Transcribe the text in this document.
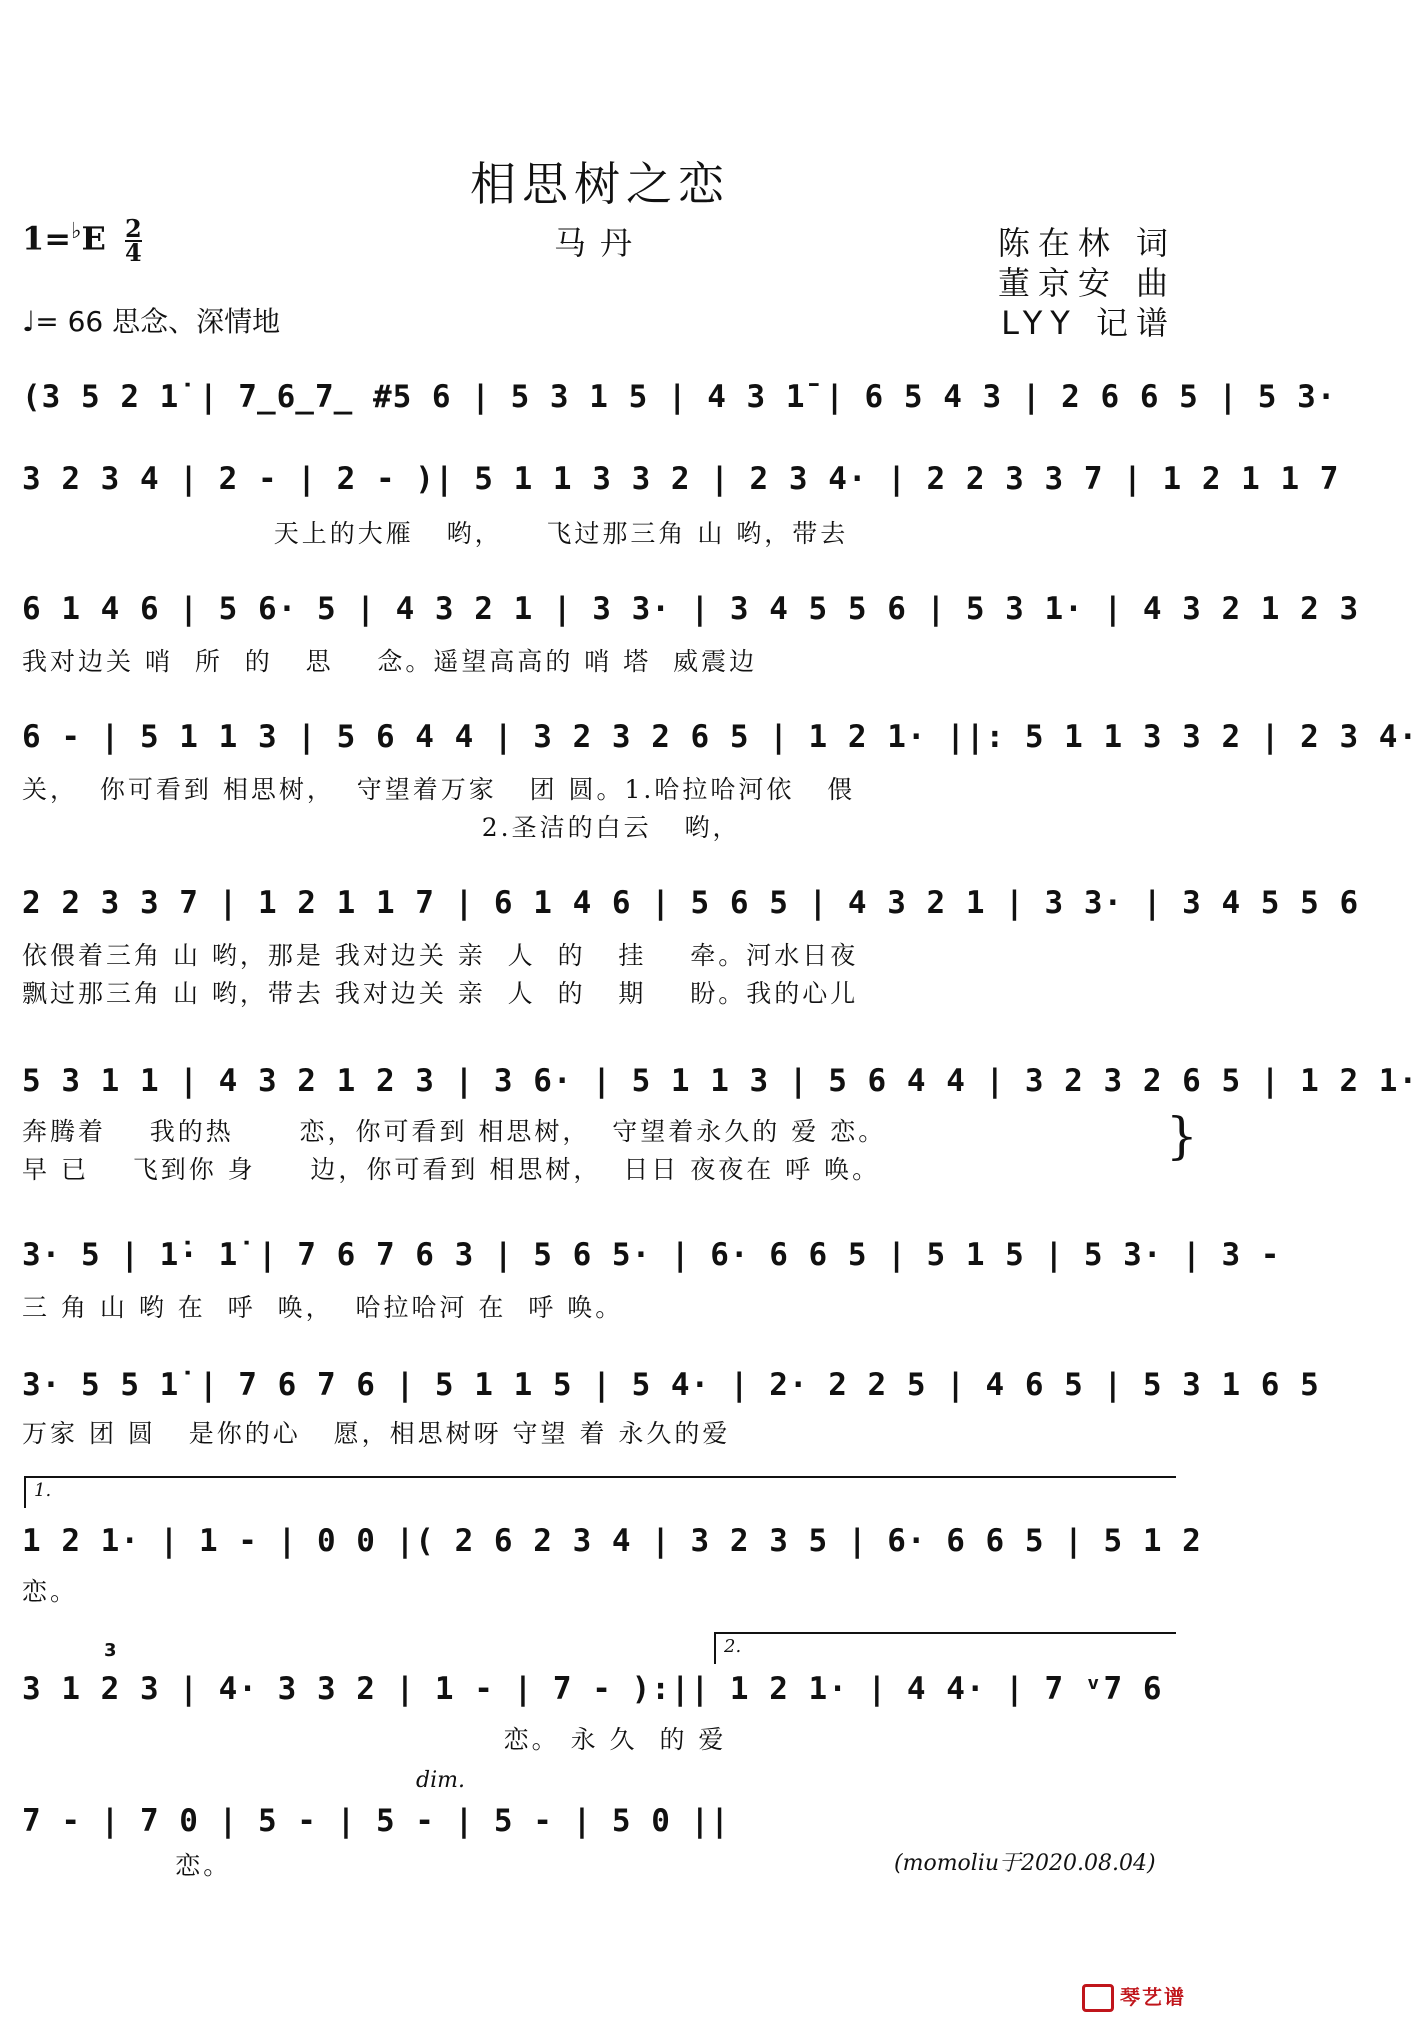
相思树之恋
马丹	陈在林 词
董京安 曲
LYY 记谱
$1=^♭E \frac{2}{4}$
♩= 66 思念、深情地
(3 5 2 1̇ | 7̲6̲7̲ #5 6 | 5 3 1 5 | 4 3 1̄ | 6 5 4 3 | 2 6 6 5 | 5 3·
3 2 3 4 | 2 - | 2 - )| 5 1 1 3 3 2 | 2 3 4· | 2 2 3 3 7 | 1 2 1 1 7
天上的大雁   哟，    飞过那三角 山 哟，带去
6 1 4 6 | 5 6· 5 | 4 3 2 1 | 3 3· | 3 4 5 5 6 | 5 3 1· | 4 3 2 1 2 3
我对边关 哨  所  的   思    念。遥望高高的 哨 塔  威震边
6 - | 5 1 1 3 | 5 6 4 4 | 3 2 3 2 6 5 | 1 2 1· ||: 5 1 1 3 3 2 | 2 3 4·
关，  你可看到 相思树，  守望着万家   团 圆。1.哈拉哈河依   偎
2.圣洁的白云   哟，
2 2 3 3 7 | 1 2 1 1 7 | 6 1 4 6 | 5 6 5 | 4 3 2 1 | 3 3· | 3 4 5 5 6
依偎着三角 山 哟，那是 我对边关 亲  人  的   挂    牵。河水日夜
飘过那三角 山 哟，带去 我对边关 亲  人  的   期    盼。我的心儿
5 3 1 1 | 4 3 2 1 2 3 | 3 6· | 5 1 1 3 | 5 6 4 4 | 3 2 3 2 6 5 | 1 2 1·
奔腾着    我的热      恋，你可看到 相思树，  守望着永久的 爱 恋。
早 已    飞到你 身     边，你可看到 相思树，  日日 夜夜在 呼 唤。
}
3· 5 | 1̇· 1̇ | 7 6 7 6 3 | 5 6 5· | 6· 6 6 5 | 5 1 5 | 5 3· | 3 -
三 角 山 哟 在  呼  唤，  哈拉哈河 在  呼 唤。
3· 5 5 1̇ | 7 6 7 6 | 5 1 1 5 | 5 4· | 2· 2 2 5 | 4 6 5 | 5 3 1 6 5
万家 团 圆   是你的心   愿，相思树呀 守望 着 永久的爱
1.
1 2 1· | 1 - | 0 0 |( 2 6 2 3 4 | 3 2 3 5 | 6· 6 6 5 | 5 1 2
恋。
3	2.
3 1 2 3 | 4· 3 3 2 | 1 - | 7 - ):|| 1 2 1· | 4 4· | 7 ᵛ7 6
恋。 永 久  的 爱
dim.
7 - | 7 0 | 5 - | 5 - | 5 - | 5 0 ||
恋。	(momoliu于2020.08.04)
琴艺谱
